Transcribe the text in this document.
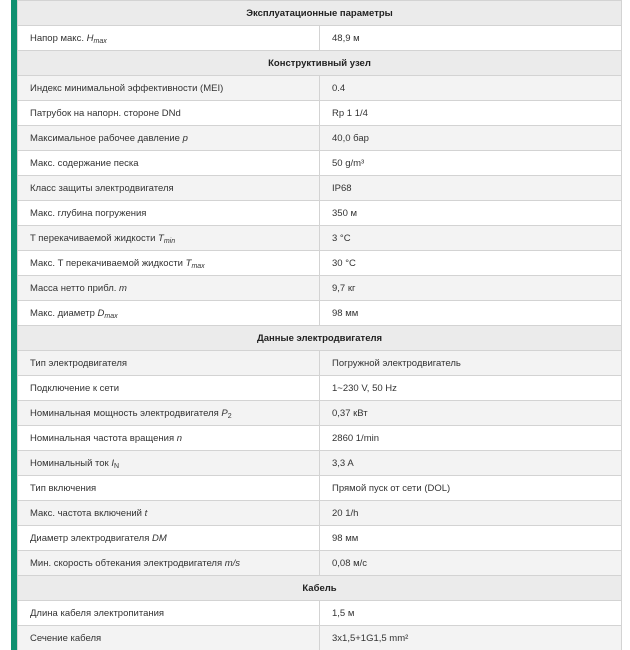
Эксплуатационные параметры	
Напор макс. $H_{max}$	48,9 м
Конструктивный узел	
Индекс минимальной эффективности (MEI)	0.4
Патрубок на напорн. стороне DNd	Rp 1 1/4
Максимальное рабочее давление p	40,0 бар
Макс. содержание песка	50 g/m³
Класс защиты электродвигателя	IP68
Макс. глубина погружения	350 м
T перекачиваемой жидкости $T_{min}$	3 °C
Макс. T перекачиваемой жидкости $T_{max}$	30 °C
Масса нетто прибл. m	9,7 кг
Макс. диаметр $D_{max}$	98 мм
Данные электродвигателя	
Тип электродвигателя	Погружной электродвигатель
Подключение к сети	1~230 V, 50 Hz
Номинальная мощность электродвигателя $P_2$	0,37 кВт
Номинальная частота вращения n	2860 1/min
Номинальный ток $I_N$	3,3 A
Тип включения	Прямой пуск от сети (DOL)
Макс. частота включений t	20 1/h
Диаметр электродвигателя DM	98 мм
Мин. скорость обтекания электродвигателя m/s	0,08 м/с
Кабель	
Длина кабеля электропитания	1,5 м
Сечение кабеля	3x1,5+1G1,5 mm²
